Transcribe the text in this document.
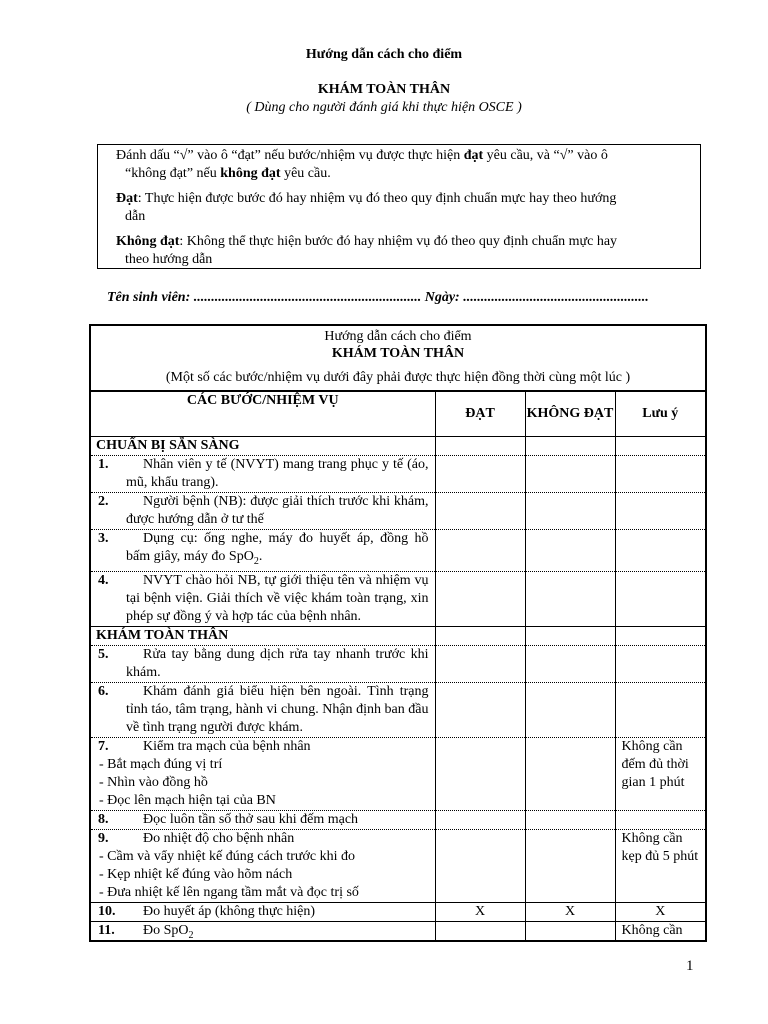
Hướng dẫn cách cho điểm
KHÁM TOÀN THÂN
( Dùng cho người đánh giá khi thực hiện OSCE )
Đánh dấu “√” vào ô “đạt” nếu bước/nhiệm vụ được thực hiện đạt yêu cầu, và “√” vào ô
“không đạt” nếu không đạt yêu cầu.
Đạt: Thực hiện được bước đó hay nhiệm vụ đó theo quy định chuẩn mực hay theo hướng
dẫn
Không đạt: Không thể thực hiện bước đó hay nhiệm vụ đó theo quy định chuẩn mực hay
theo hướng dẫn
Tên sinh viên: ................................................................. Ngày: .....................................................
Hướng dẫn cách cho điểm
KHÁM TOÀN THÂN
(Một số các bước/nhiệm vụ dưới đây phải được thực hiện đồng thời cùng một lúc )
CÁC BƯỚC/NHIỆM VỤ	ĐẠT	KHÔNG ĐẠT	Lưu ý
CHUẨN BỊ SẴN SÀNG			

1. Nhân viên y tế (NVYT) mang trang phục y tế (áo, mũ, khẩu trang).			

2. Người bệnh (NB): được giải thích trước khi khám, được hướng dẫn ở tư thế			

3. Dụng cụ: ống nghe, máy đo huyết áp, đồng hồ bấm giây, máy đo SpO$_2$.			

4. NVYT chào hỏi NB, tự giới thiệu tên và nhiệm vụ tại bệnh viện. Giải thích về việc khám toàn trạng, xin phép sự đồng ý và hợp tác của bệnh nhân.			

KHÁM TOÀN THÂN			

5. Rửa tay bằng dung dịch rửa tay nhanh trước khi khám.			

6. Khám đánh giá biểu hiện bên ngoài. Tình trạng tỉnh táo, tâm trạng, hành vi chung. Nhận định ban đầu về tình trạng người được khám.			

7. Kiểm tra mạch của bệnh nhân
- Bắt mạch đúng vị trí
- Nhìn vào đồng hồ
- Đọc lên mạch hiện tại của BN			Không cần đếm đủ thời gian 1 phút

8. Đọc luôn tần số thở sau khi đếm mạch			

9. Đo nhiệt độ cho bệnh nhân
- Cầm và vẩy nhiệt kế đúng cách trước khi đo
- Kẹp nhiệt kế đúng vào hõm nách
- Đưa nhiệt kế lên ngang tầm mắt và đọc trị số			Không cần kẹp đủ 5 phút

10. Đo huyết áp (không thực hiện)	X	X	X

11. Đo SpO$_2$			Không cần
1
